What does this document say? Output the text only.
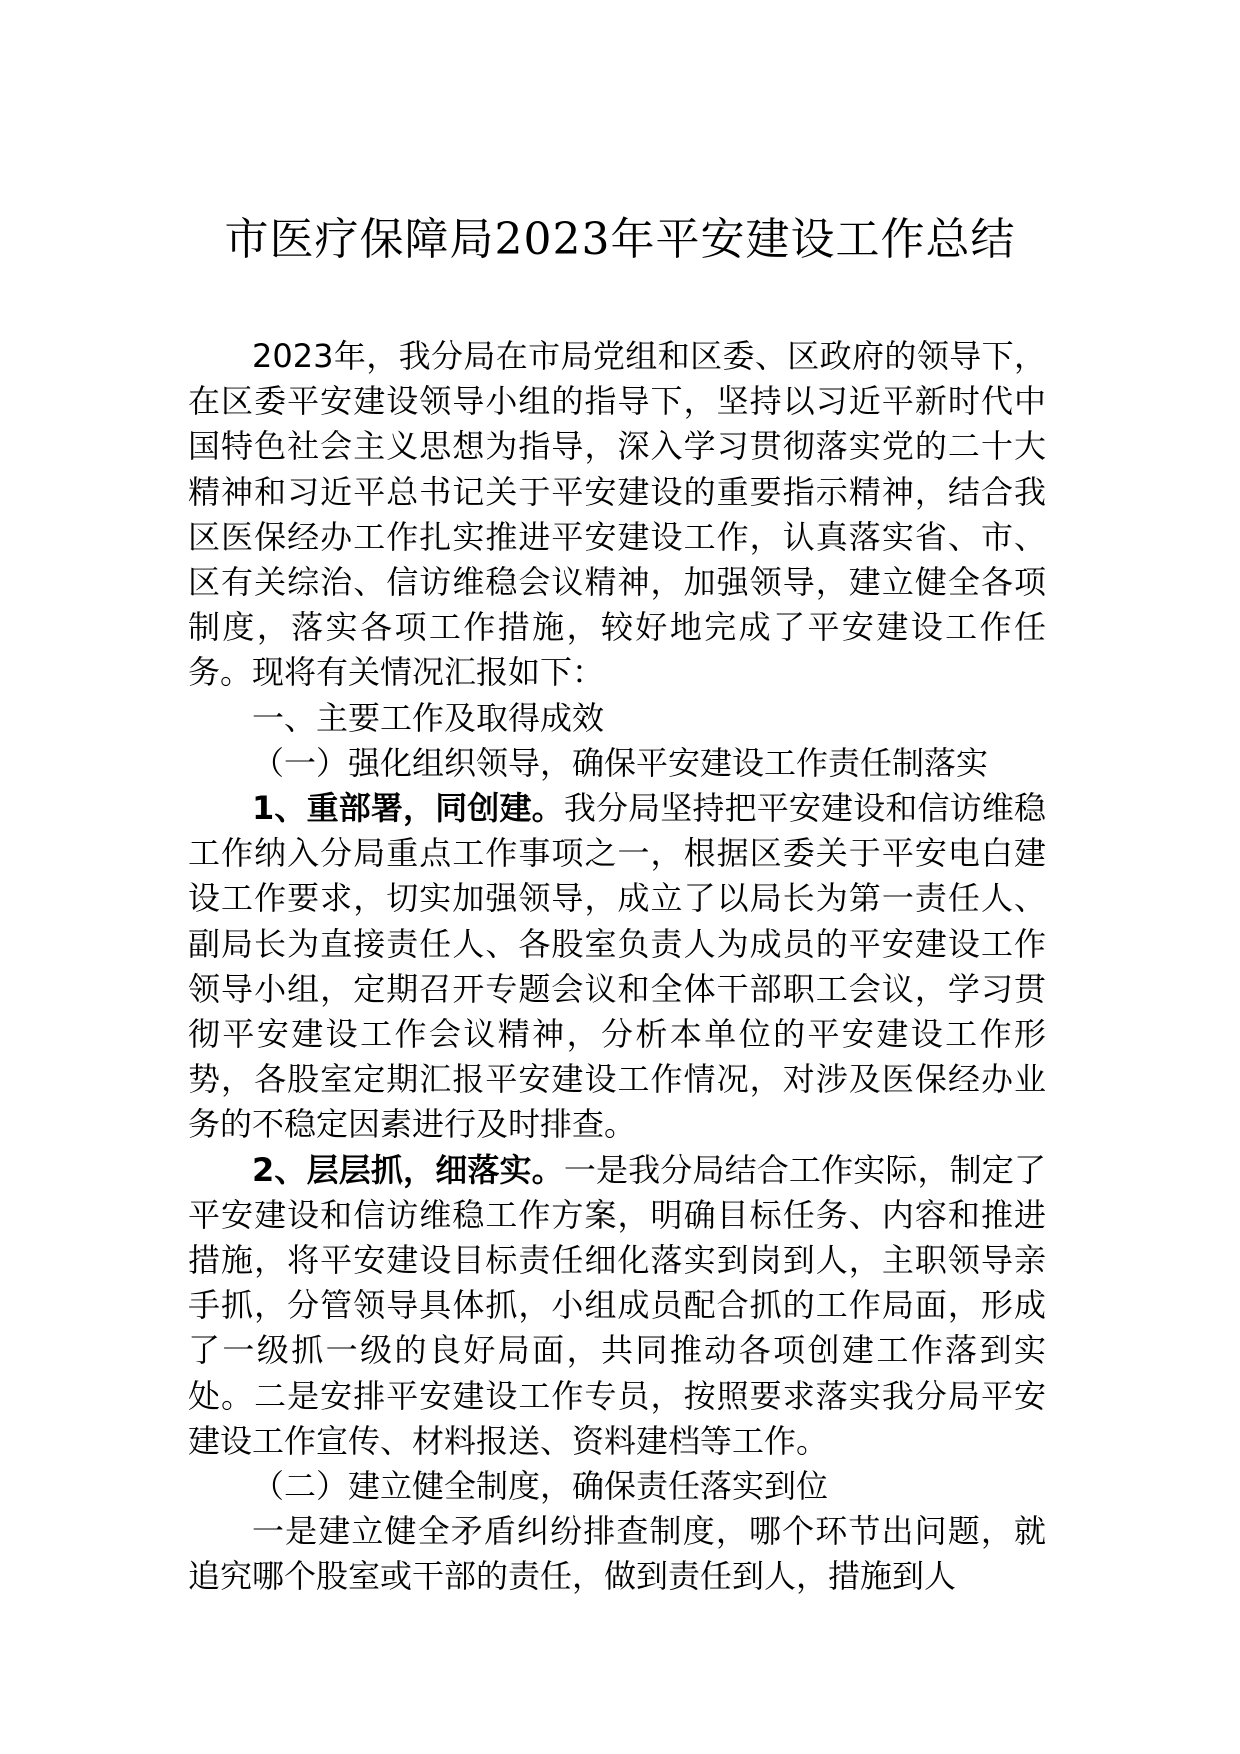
市医疗保障局2023年平安建设工作总结

2023年，我分局在市局党组和区委、区政府的领导下，在区委平安建设领导小组的指导下，坚持以习近平新时代中国特色社会主义思想为指导，深入学习贯彻落实党的二十大精神和习近平总书记关于平安建设的重要指示精神，结合我区医保经办工作扎实推进平安建设工作，认真落实省、市、区有关综治、信访维稳会议精神，加强领导，建立健全各项制度，落实各项工作措施，较好地完成了平安建设工作任务。现将有关情况汇报如下：

一、主要工作及取得成效

（一）强化组织领导，确保平安建设工作责任制落实

1、重部署，同创建。我分局坚持把平安建设和信访维稳工作纳入分局重点工作事项之一，根据区委关于平安电白建设工作要求，切实加强领导，成立了以局长为第一责任人、副局长为直接责任人、各股室负责人为成员的平安建设工作领导小组，定期召开专题会议和全体干部职工会议，学习贯彻平安建设工作会议精神，分析本单位的平安建设工作形势，各股室定期汇报平安建设工作情况，对涉及医保经办业务的不稳定因素进行及时排查。

2、层层抓，细落实。一是我分局结合工作实际，制定了平安建设和信访维稳工作方案，明确目标任务、内容和推进措施，将平安建设目标责任细化落实到岗到人，主职领导亲手抓，分管领导具体抓，小组成员配合抓的工作局面，形成了一级抓一级的良好局面，共同推动各项创建工作落到实处。二是安排平安建设工作专员，按照要求落实我分局平安建设工作宣传、材料报送、资料建档等工作。

（二）建立健全制度，确保责任落实到位

一是建立健全矛盾纠纷排查制度，哪个环节出问题，就追究哪个股室或干部的责任，做到责任到人，措施到人
